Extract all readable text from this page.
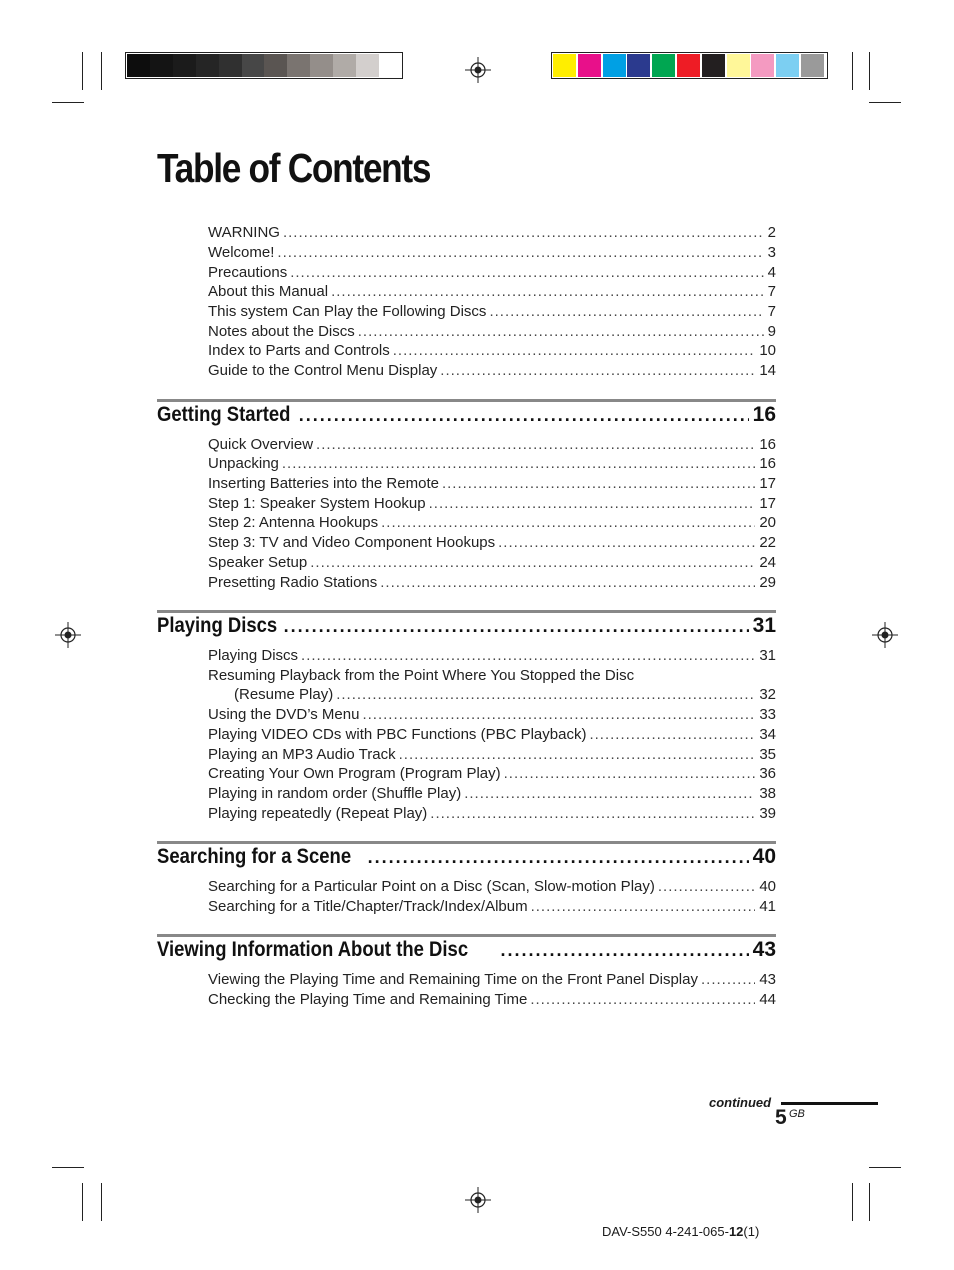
Table of Contents
WARNING .....	2
Welcome! .....	3
Precautions .....	4
About this Manual .....	7
This system Can Play the Following Discs .....	7
Notes about the Discs .....	9
Index to Parts and Controls .....	10
Guide to the Control Menu Display .....	14
Getting Started .....	16
Quick Overview .....	16
Unpacking .....	16
Inserting Batteries into the Remote .....	17
Step 1: Speaker System Hookup .....	17
Step 2: Antenna Hookups .....	20
Step 3: TV and Video Component Hookups .....	22
Speaker Setup .....	24
Presetting Radio Stations .....	29
Playing Discs .....	31
Playing Discs .....	31
Resuming Playback from the Point Where You Stopped the Disc
(Resume Play) .....	32
Using the DVD’s Menu .....	33
Playing VIDEO CDs with PBC Functions (PBC Playback) .....	34
Playing an MP3 Audio Track .....	35
Creating Your Own Program (Program Play) .....	36
Playing in random order (Shuffle Play) .....	38
Playing repeatedly (Repeat Play) .....	39
Searching for a Scene .....	40
Searching for a Particular Point on a Disc (Scan, Slow-motion Play) .....	40
Searching for a Title/Chapter/Track/Index/Album .....	41
Viewing Information About the Disc .....	43
Viewing the Playing Time and Remaining Time on the Front Panel Display .....	43
Checking the Playing Time and Remaining Time .....	44
continued
5 GB
DAV-S550 4-241-065-12(1)
